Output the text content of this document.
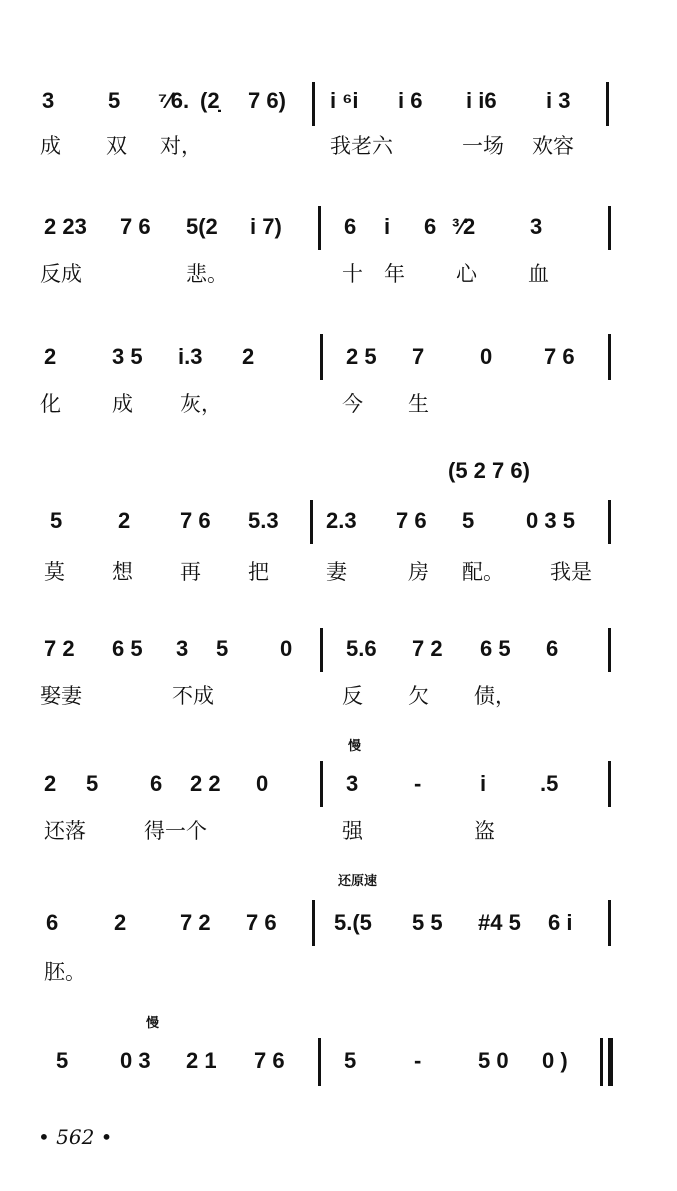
3 5 ⁷⁄6. (2̣ 7 6) i ⁶i i 6 i i6 i 3
成 双 对，	我老六	一场 欢容
2 23 7 6 5(2 i 7)	6 i 6 ³⁄2 3
反成	悲。	十 年 心 血
2	3 5 i.3 2	2 5 7	0 7 6
化 成 灰，	今 生
(5 2 7 6)
5	2 7 6 5.3 2.3 7 6 5 0 3 5
莫 想 再 把	妻	房 配。 我是
7 2 6 5 3 5 0 5.6 7 2 6 5 6
娶妻	不成	反 欠 债，
慢
2 5 6 2 2 0	3	-	i .5
还落	得一个	强	盗
还原速
6	2 7 2 7 6	5.(5 5 5 #4 5 6 i
胚。
慢
5 0 3 2 1 7 6	5	-	5 0 0 )
• 562 •
